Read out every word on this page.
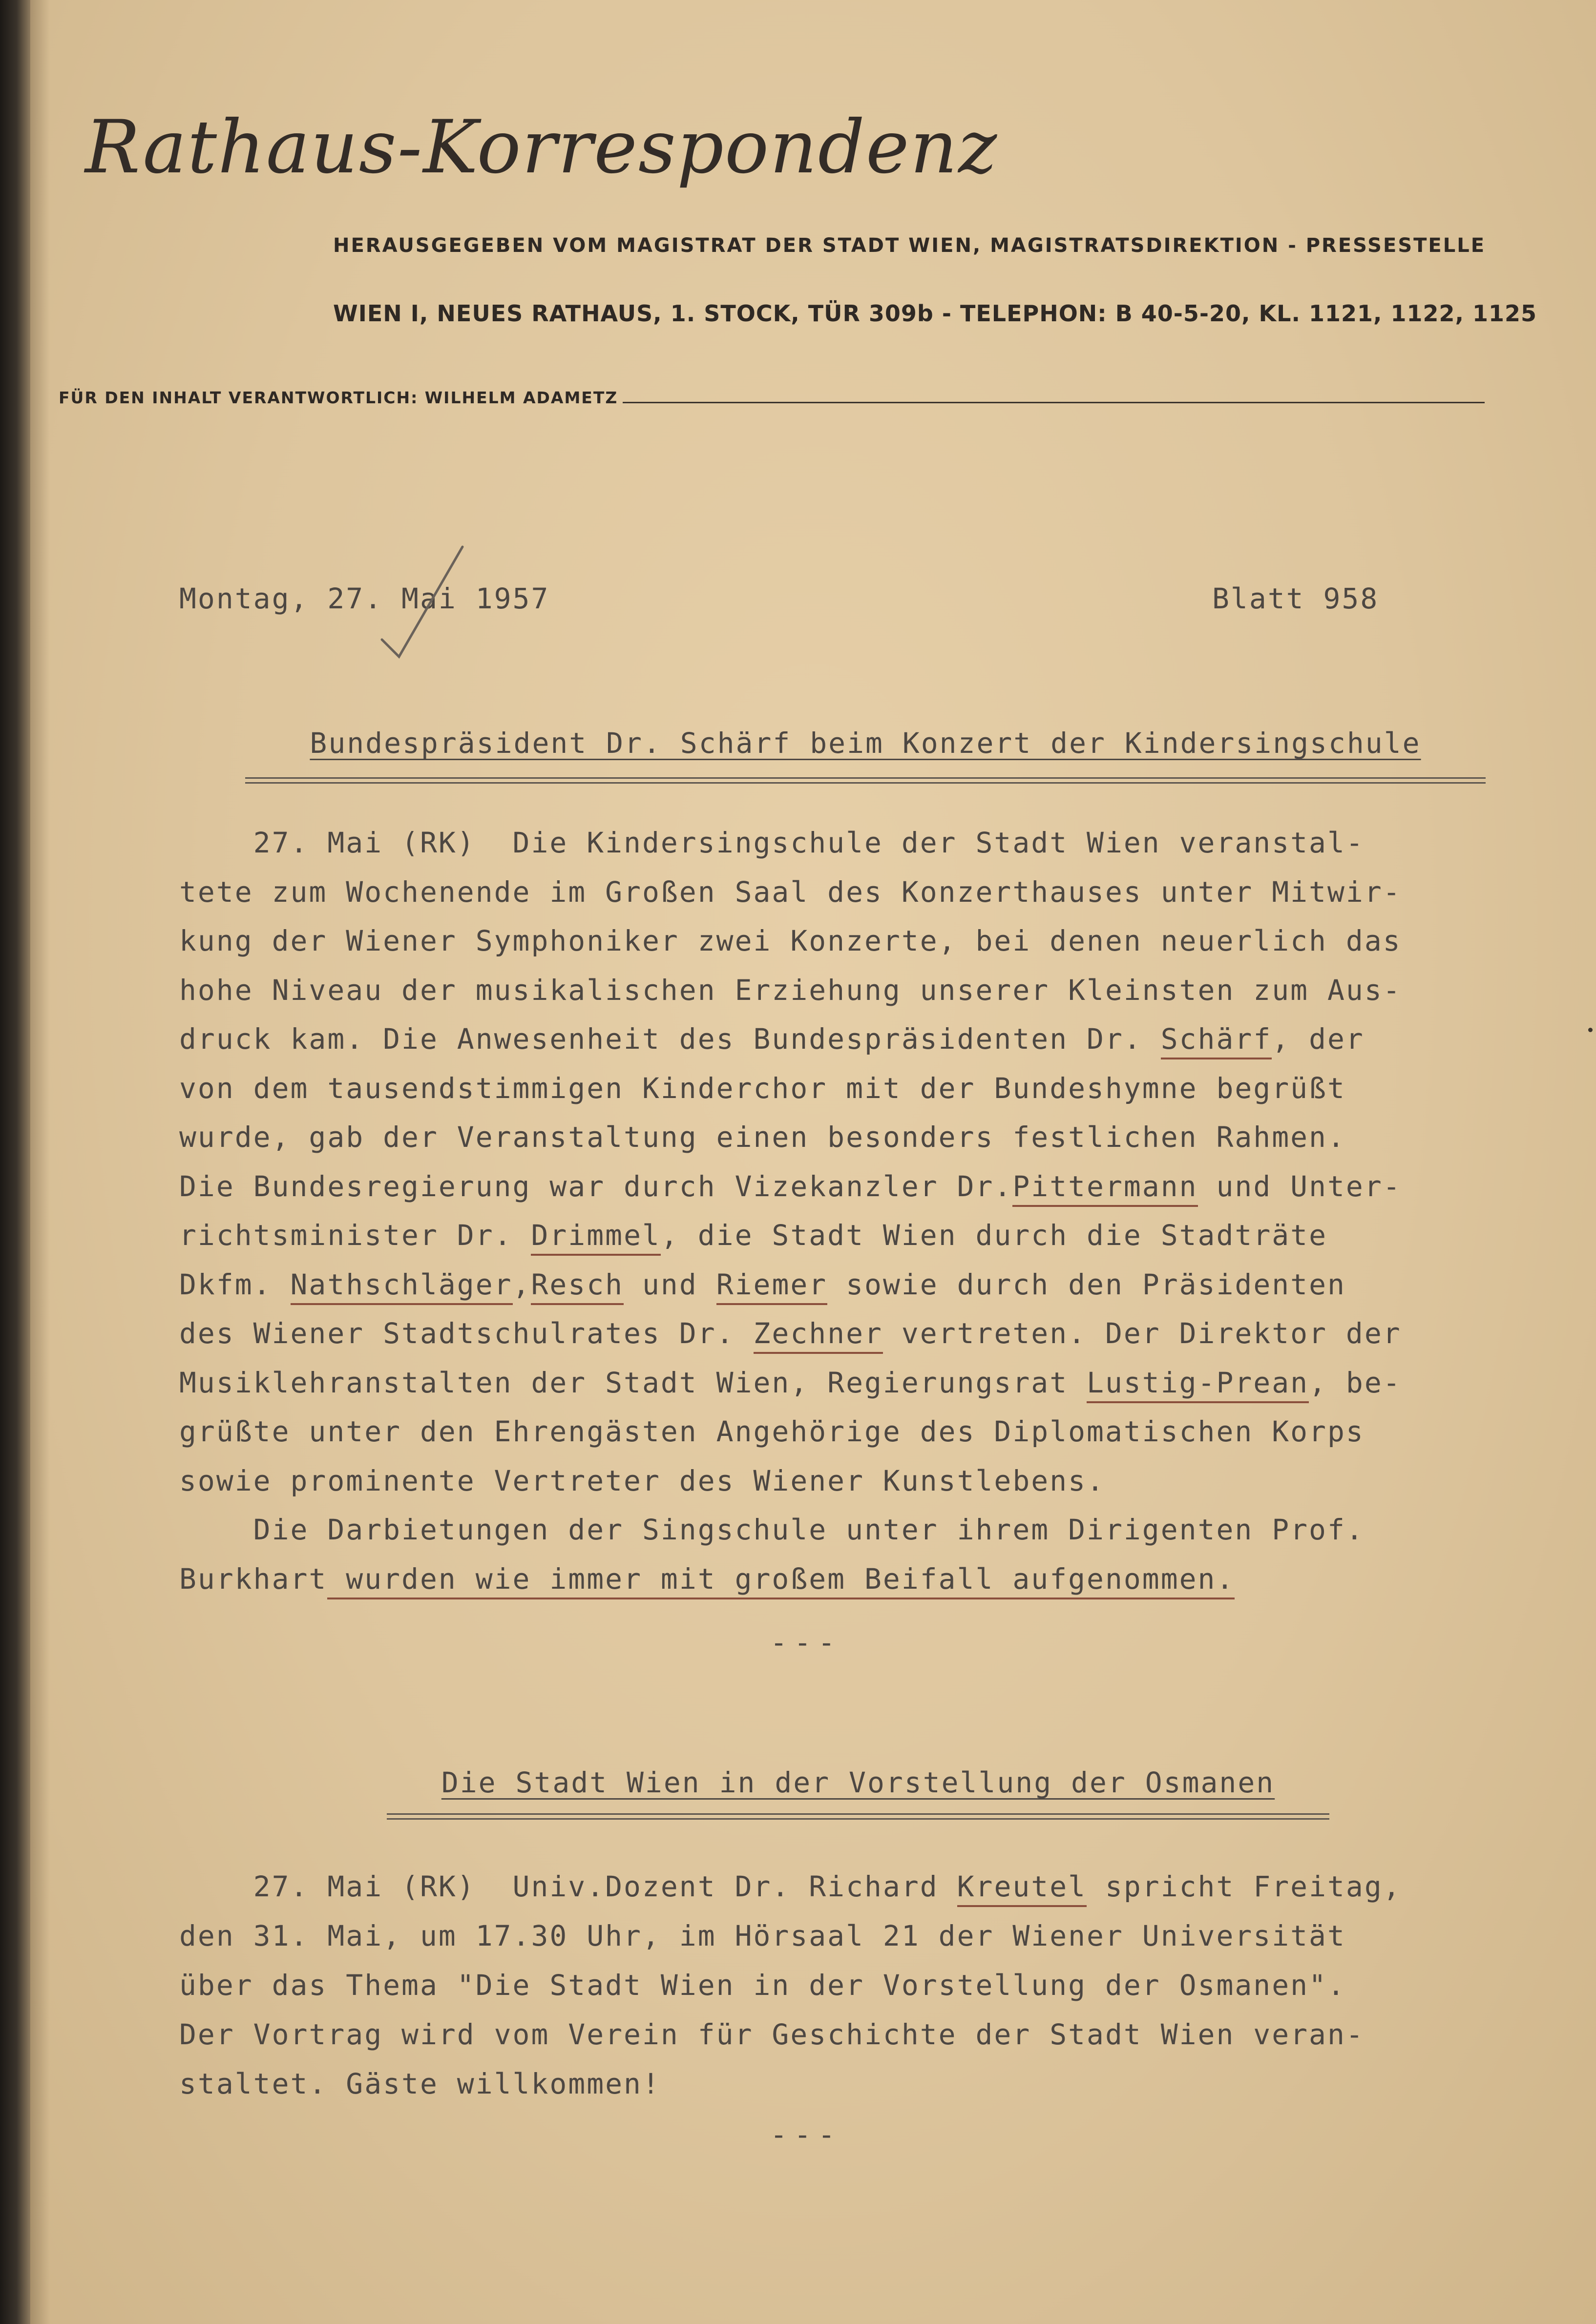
Rathaus-Korrespondenz
HERAUSGEGEBEN VOM MAGISTRAT DER STADT WIEN, MAGISTRATSDIREKTION - PRESSESTELLE
WIEN I, NEUES RATHAUS, 1. STOCK, TÜR 309b - TELEPHON: B 40-5-20, KL. 1121, 1122, 1125
FÜR DEN INHALT VERANTWORTLICH: WILHELM ADAMETZ
Montag, 27. Mai 1957	Blatt 958
Bundespräsident Dr. Schärf beim Konzert der Kindersingschule
27. Mai (RK)  Die Kindersingschule der Stadt Wien veranstal-
tete zum Wochenende im Großen Saal des Konzerthauses unter Mitwir-
kung der Wiener Symphoniker zwei Konzerte, bei denen neuerlich das
hohe Niveau der musikalischen Erziehung unserer Kleinsten zum Aus-
druck kam. Die Anwesenheit des Bundespräsidenten Dr. Schärf, der
von dem tausendstimmigen Kinderchor mit der Bundeshymne begrüßt
wurde, gab der Veranstaltung einen besonders festlichen Rahmen.
Die Bundesregierung war durch Vizekanzler Dr.Pittermann und Unter-
richtsminister Dr. Drimmel, die Stadt Wien durch die Stadträte
Dkfm. Nathschläger,Resch und Riemer sowie durch den Präsidenten
des Wiener Stadtschulrates Dr. Zechner vertreten. Der Direktor der
Musiklehranstalten der Stadt Wien, Regierungsrat Lustig-Prean, be-
grüßte unter den Ehrengästen Angehörige des Diplomatischen Korps
sowie prominente Vertreter des Wiener Kunstlebens.
Die Darbietungen der Singschule unter ihrem Dirigenten Prof.
Burkhart wurden wie immer mit großem Beifall aufgenommen.
---
Die Stadt Wien in der Vorstellung der Osmanen
27. Mai (RK)  Univ.Dozent Dr. Richard Kreutel spricht Freitag,
den 31. Mai, um 17.30 Uhr, im Hörsaal 21 der Wiener Universität
über das Thema "Die Stadt Wien in der Vorstellung der Osmanen".
Der Vortrag wird vom Verein für Geschichte der Stadt Wien veran-
staltet. Gäste willkommen!
---
